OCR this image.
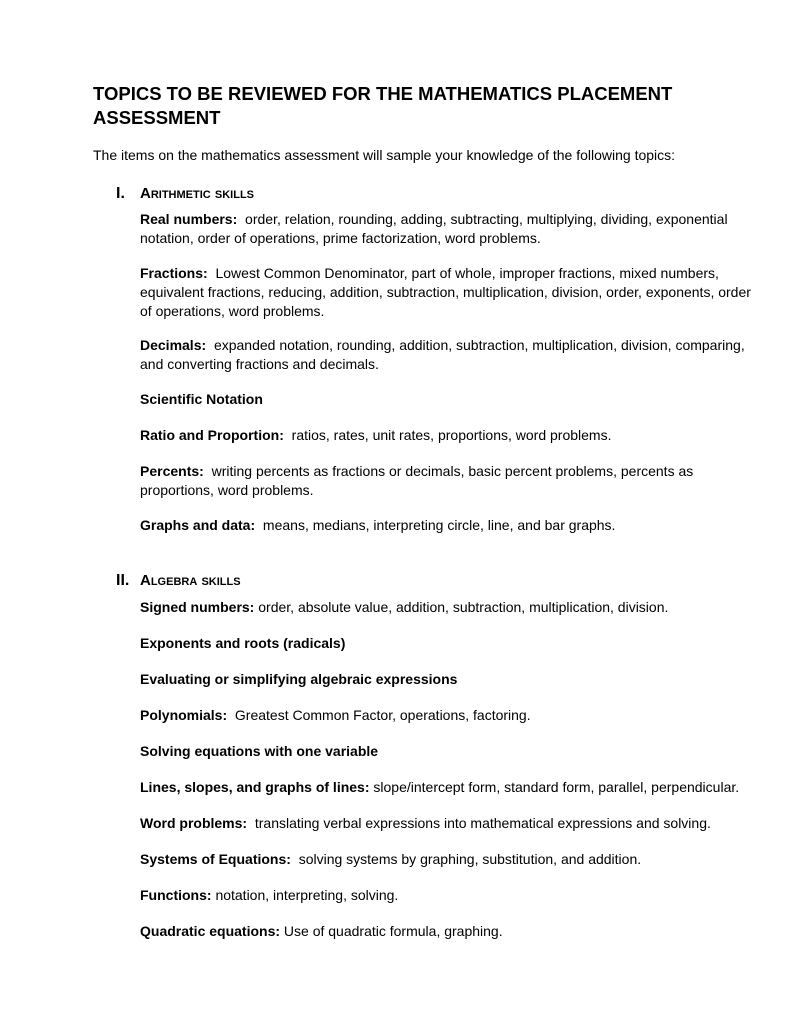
TOPICS TO BE REVIEWED FOR THE MATHEMATICS PLACEMENT ASSESSMENT

The items on the mathematics assessment will sample your knowledge of the following topics:

I. Arithmetic skills

Real numbers: order, relation, rounding, adding, subtracting, multiplying, dividing, exponential notation, order of operations, prime factorization, word problems.

Fractions: Lowest Common Denominator, part of whole, improper fractions, mixed numbers, equivalent fractions, reducing, addition, subtraction, multiplication, division, order, exponents, order of operations, word problems.

Decimals: expanded notation, rounding, addition, subtraction, multiplication, division, comparing, and converting fractions and decimals.

Scientific Notation

Ratio and Proportion: ratios, rates, unit rates, proportions, word problems.

Percents: writing percents as fractions or decimals, basic percent problems, percents as proportions, word problems.

Graphs and data: means, medians, interpreting circle, line, and bar graphs.

II. Algebra skills

Signed numbers: order, absolute value, addition, subtraction, multiplication, division.

Exponents and roots (radicals)

Evaluating or simplifying algebraic expressions

Polynomials: Greatest Common Factor, operations, factoring.

Solving equations with one variable

Lines, slopes, and graphs of lines: slope/intercept form, standard form, parallel, perpendicular.

Word problems: translating verbal expressions into mathematical expressions and solving.

Systems of Equations: solving systems by graphing, substitution, and addition.

Functions: notation, interpreting, solving.

Quadratic equations: Use of quadratic formula, graphing.
